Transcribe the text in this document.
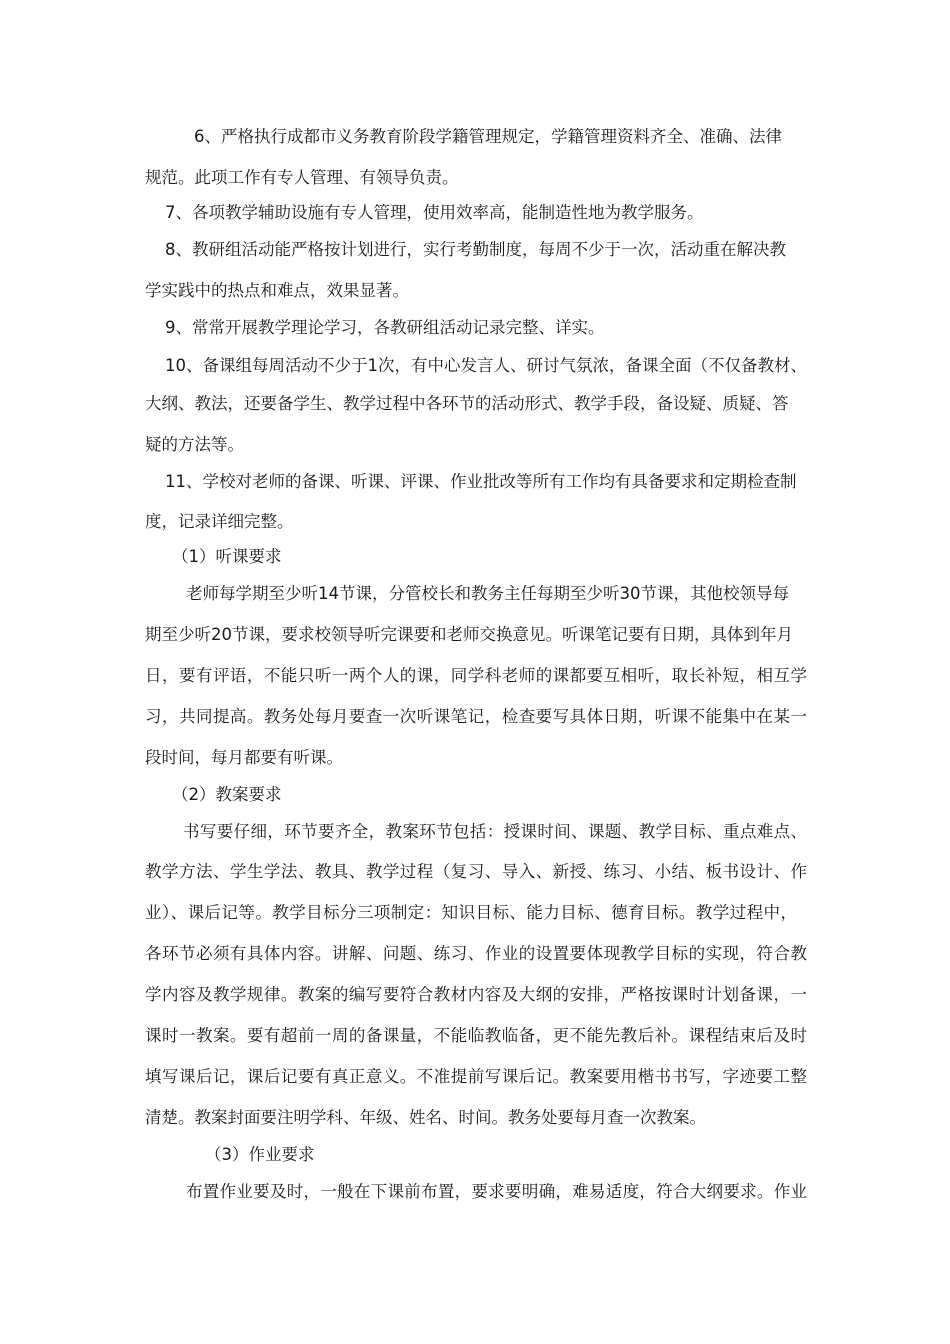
6、严格执行成都市义务教育阶段学籍管理规定，学籍管理资料齐全、准确、法律
规范。此项工作有专人管理、有领导负责。
7、各项教学辅助设施有专人管理，使用效率高，能制造性地为教学服务。
8、教研组活动能严格按计划进行，实行考勤制度，每周不少于一次，活动重在解决教
学实践中的热点和难点，效果显著。
9、常常开展教学理论学习，各教研组活动记录完整、详实。
10、备课组每周活动不少于1次，有中心发言人、研讨气氛浓，备课全面（不仅备教材、
大纲、教法，还要备学生、教学过程中各环节的活动形式、教学手段，备设疑、质疑、答
疑的方法等。
11、学校对老师的备课、听课、评课、作业批改等所有工作均有具备要求和定期检查制
度，记录详细完整。
（1）听课要求
老师每学期至少听14节课，分管校长和教务主任每期至少听30节课，其他校领导每
期至少听20节课，要求校领导听完课要和老师交换意见。听课笔记要有日期，具体到年月
日，要有评语，不能只听一两个人的课，同学科老师的课都要互相听，取长补短，相互学
习，共同提高。教务处每月要查一次听课笔记，检查要写具体日期，听课不能集中在某一
段时间，每月都要有听课。
（2）教案要求
书写要仔细，环节要齐全，教案环节包括：授课时间、课题、教学目标、重点难点、
教学方法、学生学法、教具、教学过程（复习、导入、新授、练习、小结、板书设计、作
业）、课后记等。教学目标分三项制定：知识目标、能力目标、德育目标。教学过程中，
各环节必须有具体内容。讲解、问题、练习、作业的设置要体现教学目标的实现，符合教
学内容及教学规律。教案的编写要符合教材内容及大纲的安排，严格按课时计划备课，一
课时一教案。要有超前一周的备课量，不能临教临备，更不能先教后补。课程结束后及时
填写课后记，课后记要有真正意义。不准提前写课后记。教案要用楷书书写，字迹要工整
清楚。教案封面要注明学科、年级、姓名、时间。教务处要每月查一次教案。
（3）作业要求
布置作业要及时，一般在下课前布置，要求要明确，难易适度，符合大纲要求。作业
